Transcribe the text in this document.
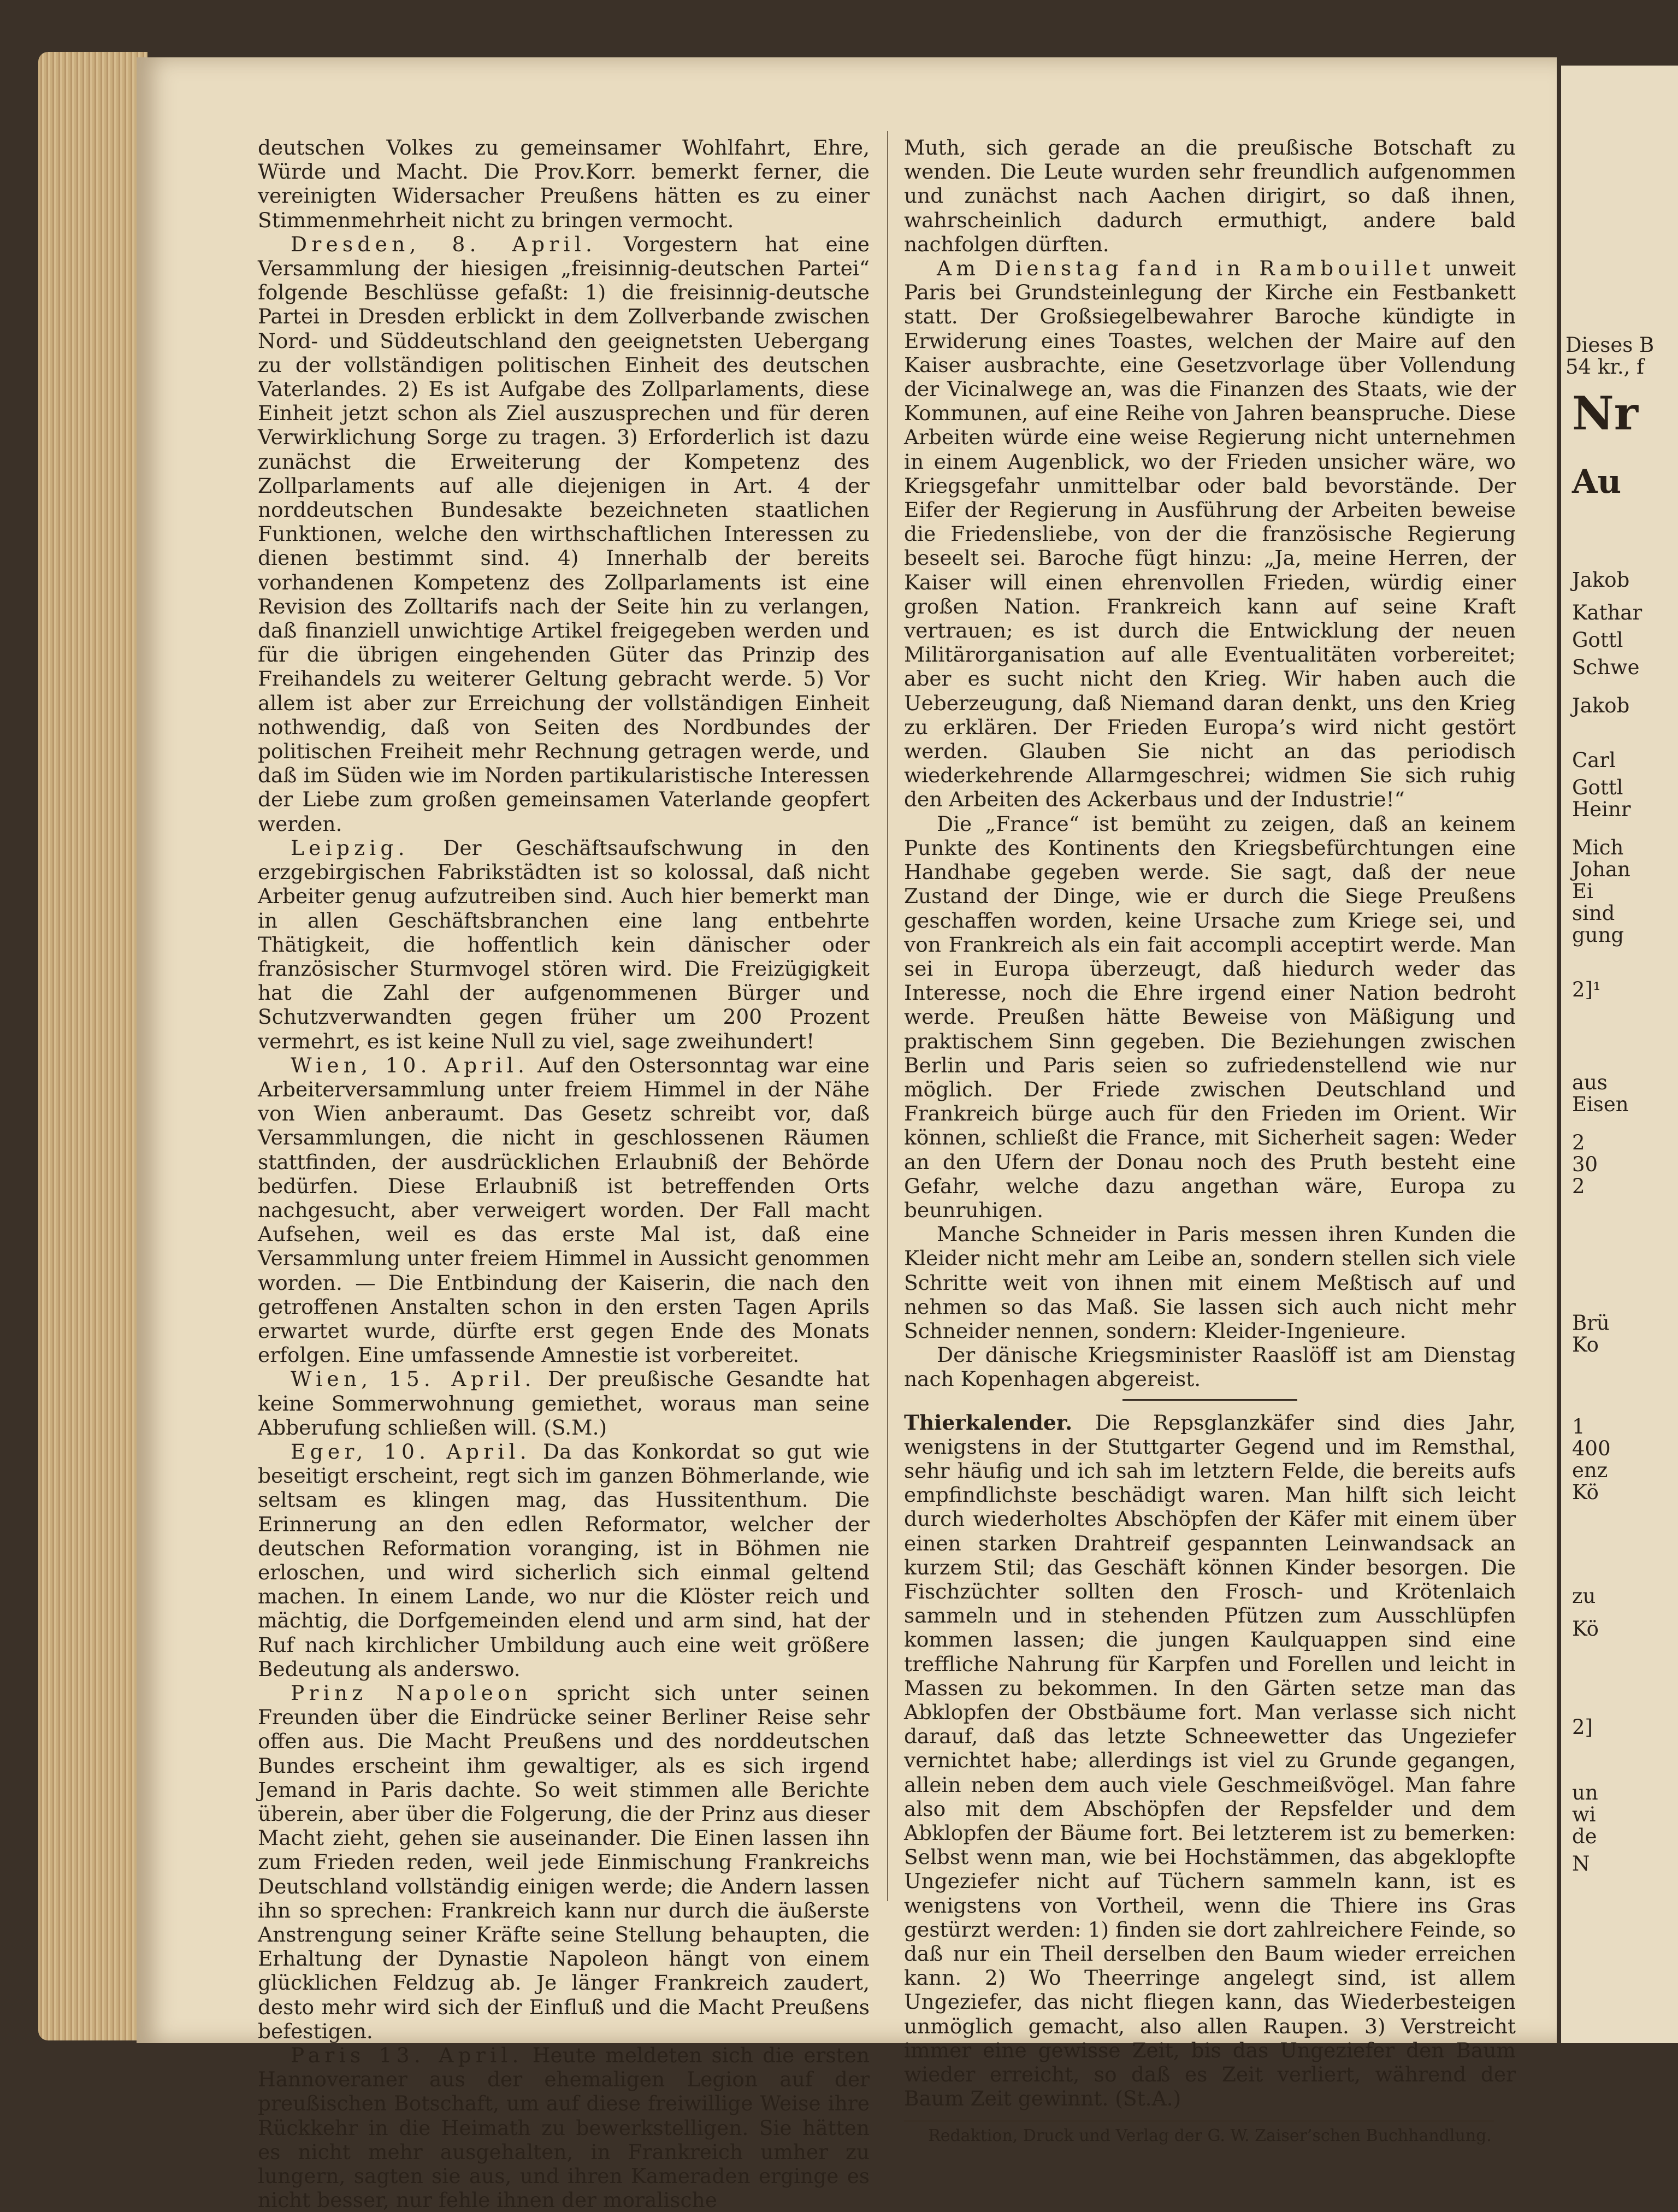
deutschen Volkes zu gemeinsamer Wohlfahrt, Ehre, Würde und Macht. Die Prov.Korr. bemerkt ferner, die vereinigten Widersacher Preußens hätten es zu einer Stimmenmehrheit nicht zu bringen vermocht.

Dresden, 8. April. Vorgestern hat eine Versammlung der hiesigen „freisinnig-deutschen Partei“ folgende Beschlüsse gefaßt: 1) die freisinnig-deutsche Partei in Dresden erblickt in dem Zollverbande zwischen Nord- und Süddeutschland den geeignetsten Uebergang zu der vollständigen politischen Einheit des deutschen Vaterlandes. 2) Es ist Aufgabe des Zollparlaments, diese Einheit jetzt schon als Ziel auszusprechen und für deren Verwirklichung Sorge zu tragen. 3) Erforderlich ist dazu zunächst die Erweiterung der Kompetenz des Zollparlaments auf alle diejenigen in Art. 4 der norddeutschen Bundesakte bezeichneten staatlichen Funktionen, welche den wirthschaftlichen Interessen zu dienen bestimmt sind. 4) Innerhalb der bereits vorhandenen Kompetenz des Zollparlaments ist eine Revision des Zolltarifs nach der Seite hin zu verlangen, daß finanziell unwichtige Artikel freigegeben werden und für die übrigen eingehenden Güter das Prinzip des Freihandels zu weiterer Geltung gebracht werde. 5) Vor allem ist aber zur Erreichung der vollständigen Einheit nothwendig, daß von Seiten des Nordbundes der politischen Freiheit mehr Rechnung getragen werde, und daß im Süden wie im Norden partikularistische Interessen der Liebe zum großen gemeinsamen Vaterlande geopfert werden.

Leipzig. Der Geschäftsaufschwung in den erzgebirgischen Fabrikstädten ist so kolossal, daß nicht Arbeiter genug aufzutreiben sind. Auch hier bemerkt man in allen Geschäftsbranchen eine lang entbehrte Thätigkeit, die hoffentlich kein dänischer oder französischer Sturmvogel stören wird. Die Freizügigkeit hat die Zahl der aufgenommenen Bürger und Schutzverwandten gegen früher um 200 Prozent vermehrt, es ist keine Null zu viel, sage zweihundert!

Wien, 10. April. Auf den Ostersonntag war eine Arbeiterversammlung unter freiem Himmel in der Nähe von Wien anberaumt. Das Gesetz schreibt vor, daß Versammlungen, die nicht in geschlossenen Räumen stattfinden, der ausdrücklichen Erlaubniß der Behörde bedürfen. Diese Erlaubniß ist betreffenden Orts nachgesucht, aber verweigert worden. Der Fall macht Aufsehen, weil es das erste Mal ist, daß eine Versammlung unter freiem Himmel in Aussicht genommen worden. — Die Entbindung der Kaiserin, die nach den getroffenen Anstalten schon in den ersten Tagen Aprils erwartet wurde, dürfte erst gegen Ende des Monats erfolgen. Eine umfassende Amnestie ist vorbereitet.

Wien, 15. April. Der preußische Gesandte hat keine Sommerwohnung gemiethet, woraus man seine Abberufung schließen will. (S.M.)

Eger, 10. April. Da das Konkordat so gut wie beseitigt erscheint, regt sich im ganzen Böhmerlande, wie seltsam es klingen mag, das Hussitenthum. Die Erinnerung an den edlen Reformator, welcher der deutschen Reformation voranging, ist in Böhmen nie erloschen, und wird sicherlich sich einmal geltend machen. In einem Lande, wo nur die Klöster reich und mächtig, die Dorfgemeinden elend und arm sind, hat der Ruf nach kirchlicher Umbildung auch eine weit größere Bedeutung als anderswo.

Prinz Napoleon spricht sich unter seinen Freunden über die Eindrücke seiner Berliner Reise sehr offen aus. Die Macht Preußens und des norddeutschen Bundes erscheint ihm gewaltiger, als es sich irgend Jemand in Paris dachte. So weit stimmen alle Berichte überein, aber über die Folgerung, die der Prinz aus dieser Macht zieht, gehen sie auseinander. Die Einen lassen ihn zum Frieden reden, weil jede Einmischung Frankreichs Deutschland vollständig einigen werde; die Andern lassen ihn so sprechen: Frankreich kann nur durch die äußerste Anstrengung seiner Kräfte seine Stellung behaupten, die Erhaltung der Dynastie Napoleon hängt von einem glücklichen Feldzug ab. Je länger Frankreich zaudert, desto mehr wird sich der Einfluß und die Macht Preußens befestigen.

Paris 13. April. Heute meldeten sich die ersten Hannoveraner aus der ehemaligen Legion auf der preußischen Botschaft, um auf diese freiwillige Weise ihre Rückkehr in die Heimath zu bewerkstelligen. Sie hätten es nicht mehr ausgehalten, in Frankreich umher zu lungern, sagten sie aus, und ihren Kameraden erginge es nicht besser, nur fehle ihnen der moralische

Muth, sich gerade an die preußische Botschaft zu wenden. Die Leute wurden sehr freundlich aufgenommen und zunächst nach Aachen dirigirt, so daß ihnen, wahrscheinlich dadurch ermuthigt, andere bald nachfolgen dürften.

Am Dienstag fand in Rambouillet unweit Paris bei Grundsteinlegung der Kirche ein Festbankett statt. Der Großsiegelbewahrer Baroche kündigte in Erwiderung eines Toastes, welchen der Maire auf den Kaiser ausbrachte, eine Gesetzvorlage über Vollendung der Vicinalwege an, was die Finanzen des Staats, wie der Kommunen, auf eine Reihe von Jahren beanspruche. Diese Arbeiten würde eine weise Regierung nicht unternehmen in einem Augenblick, wo der Frieden unsicher wäre, wo Kriegsgefahr unmittelbar oder bald bevorstände. Der Eifer der Regierung in Ausführung der Arbeiten beweise die Friedensliebe, von der die französische Regierung beseelt sei. Baroche fügt hinzu: „Ja, meine Herren, der Kaiser will einen ehrenvollen Frieden, würdig einer großen Nation. Frankreich kann auf seine Kraft vertrauen; es ist durch die Entwicklung der neuen Militärorganisation auf alle Eventualitäten vorbereitet; aber es sucht nicht den Krieg. Wir haben auch die Ueberzeugung, daß Niemand daran denkt, uns den Krieg zu erklären. Der Frieden Europa’s wird nicht gestört werden. Glauben Sie nicht an das periodisch wiederkehrende Allarmgeschrei; widmen Sie sich ruhig den Arbeiten des Ackerbaus und der Industrie!“

Die „France“ ist bemüht zu zeigen, daß an keinem Punkte des Kontinents den Kriegsbefürchtungen eine Handhabe gegeben werde. Sie sagt, daß der neue Zustand der Dinge, wie er durch die Siege Preußens geschaffen worden, keine Ursache zum Kriege sei, und von Frankreich als ein fait accompli acceptirt werde. Man sei in Europa überzeugt, daß hiedurch weder das Interesse, noch die Ehre irgend einer Nation bedroht werde. Preußen hätte Beweise von Mäßigung und praktischem Sinn gegeben. Die Beziehungen zwischen Berlin und Paris seien so zufriedenstellend wie nur möglich. Der Friede zwischen Deutschland und Frankreich bürge auch für den Frieden im Orient. Wir können, schließt die France, mit Sicherheit sagen: Weder an den Ufern der Donau noch des Pruth besteht eine Gefahr, welche dazu angethan wäre, Europa zu beunruhigen.

Manche Schneider in Paris messen ihren Kunden die Kleider nicht mehr am Leibe an, sondern stellen sich viele Schritte weit von ihnen mit einem Meßtisch auf und nehmen so das Maß. Sie lassen sich auch nicht mehr Schneider nennen, sondern: Kleider-Ingenieure.

Der dänische Kriegsminister Raaslöff ist am Dienstag nach Kopenhagen abgereist.

Thierkalender. Die Repsglanzkäfer sind dies Jahr, wenigstens in der Stuttgarter Gegend und im Remsthal, sehr häufig und ich sah im letztern Felde, die bereits aufs empfindlichste beschädigt waren. Man hilft sich leicht durch wiederholtes Abschöpfen der Käfer mit einem über einen starken Drahtreif gespannten Leinwandsack an kurzem Stil; das Geschäft können Kinder besorgen. Die Fischzüchter sollten den Frosch- und Krötenlaich sammeln und in stehenden Pfützen zum Ausschlüpfen kommen lassen; die jungen Kaulquappen sind eine treffliche Nahrung für Karpfen und Forellen und leicht in Massen zu bekommen. In den Gärten setze man das Abklopfen der Obstbäume fort. Man verlasse sich nicht darauf, daß das letzte Schneewetter das Ungeziefer vernichtet habe; allerdings ist viel zu Grunde gegangen, allein neben dem auch viele Geschmeißvögel. Man fahre also mit dem Abschöpfen der Repsfelder und dem Abklopfen der Bäume fort. Bei letzterem ist zu bemerken: Selbst wenn man, wie bei Hochstämmen, das abgeklopfte Ungeziefer nicht auf Tüchern sammeln kann, ist es wenigstens von Vortheil, wenn die Thiere ins Gras gestürzt werden: 1) finden sie dort zahlreichere Feinde, so daß nur ein Theil derselben den Baum wieder erreichen kann. 2) Wo Theerringe angelegt sind, ist allem Ungeziefer, das nicht fliegen kann, das Wiederbesteigen unmöglich gemacht, also allen Raupen. 3) Verstreicht immer eine gewisse Zeit, bis das Ungeziefer den Baum wieder erreicht, so daß es Zeit verliert, während der Baum Zeit gewinnt. (St.A.)

Redaktion, Druck und Verlag der G. W. Zaiser’schen Buchhandlung.
Dieses B
54 kr., f
Nr
Au
Jakob
Kathar
Gottl
Schwe
Jakob
Carl
Gottl
Heinr
Mich
Johan
Ei
sind
gung
2]¹
aus
Eisen
2
30
2
Brü
Ko
1
400
enz
Kö
zu
Kö
2]
un
wi
de
N
